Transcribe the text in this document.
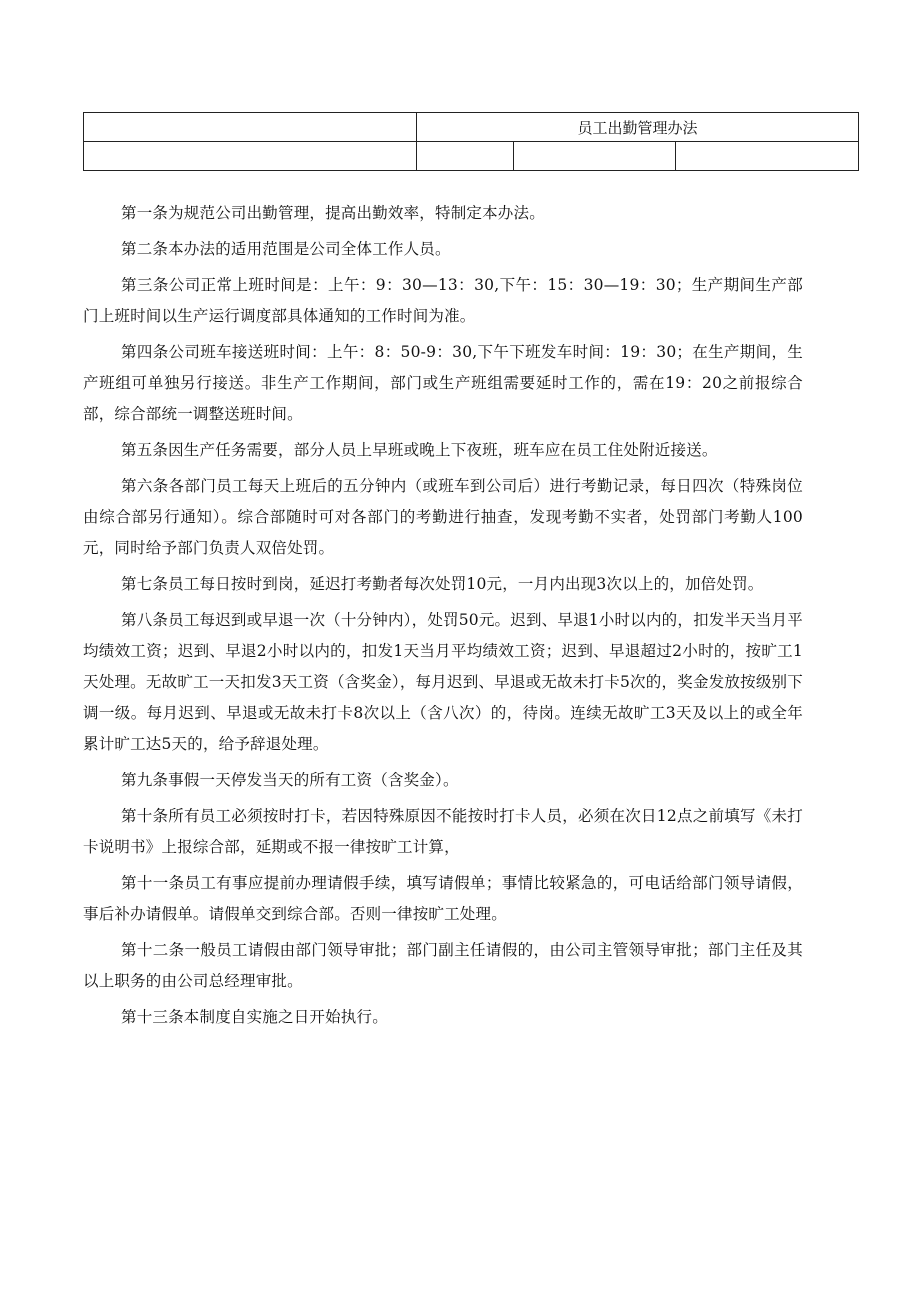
	员工出勤管理办法		

第一条为规范公司出勤管理，提高出勤效率，特制定本办法。

第二条本办法的适用范围是公司全体工作人员。

第三条公司正常上班时间是：上午：9：30—13：30,下午：15：30—19：30；生产期间生产部门上班时间以生产运行调度部具体通知的工作时间为准。

第四条公司班车接送班时间：上午：8：50-9：30,下午下班发车时间：19：30；在生产期间，生产班组可单独另行接送。非生产工作期间，部门或生产班组需要延时工作的，需在19：20之前报综合部，综合部统一调整送班时间。

第五条因生产任务需要，部分人员上早班或晚上下夜班，班车应在员工住处附近接送。

第六条各部门员工每天上班后的五分钟内（或班车到公司后）进行考勤记录，每日四次（特殊岗位由综合部另行通知）。综合部随时可对各部门的考勤进行抽查，发现考勤不实者，处罚部门考勤人100元，同时给予部门负责人双倍处罚。

第七条员工每日按时到岗，延迟打考勤者每次处罚10元，一月内出现3次以上的，加倍处罚。

第八条员工每迟到或早退一次（十分钟内），处罚50元。迟到、早退1小时以内的，扣发半天当月平均绩效工资；迟到、早退2小时以内的，扣发1天当月平均绩效工资；迟到、早退超过2小时的，按旷工1天处理。无故旷工一天扣发3天工资（含奖金），每月迟到、早退或无故未打卡5次的，奖金发放按级别下调一级。每月迟到、早退或无故未打卡8次以上（含八次）的，待岗。连续无故旷工3天及以上的或全年累计旷工达5天的，给予辞退处理。

第九条事假一天停发当天的所有工资（含奖金）。

第十条所有员工必须按时打卡，若因特殊原因不能按时打卡人员，必须在次日12点之前填写《未打卡说明书》上报综合部，延期或不报一律按旷工计算，

第十一条员工有事应提前办理请假手续，填写请假单；事情比较紧急的，可电话给部门领导请假，事后补办请假单。请假单交到综合部。否则一律按旷工处理。

第十二条一般员工请假由部门领导审批；部门副主任请假的，由公司主管领导审批；部门主任及其以上职务的由公司总经理审批。

第十三条本制度自实施之日开始执行。
